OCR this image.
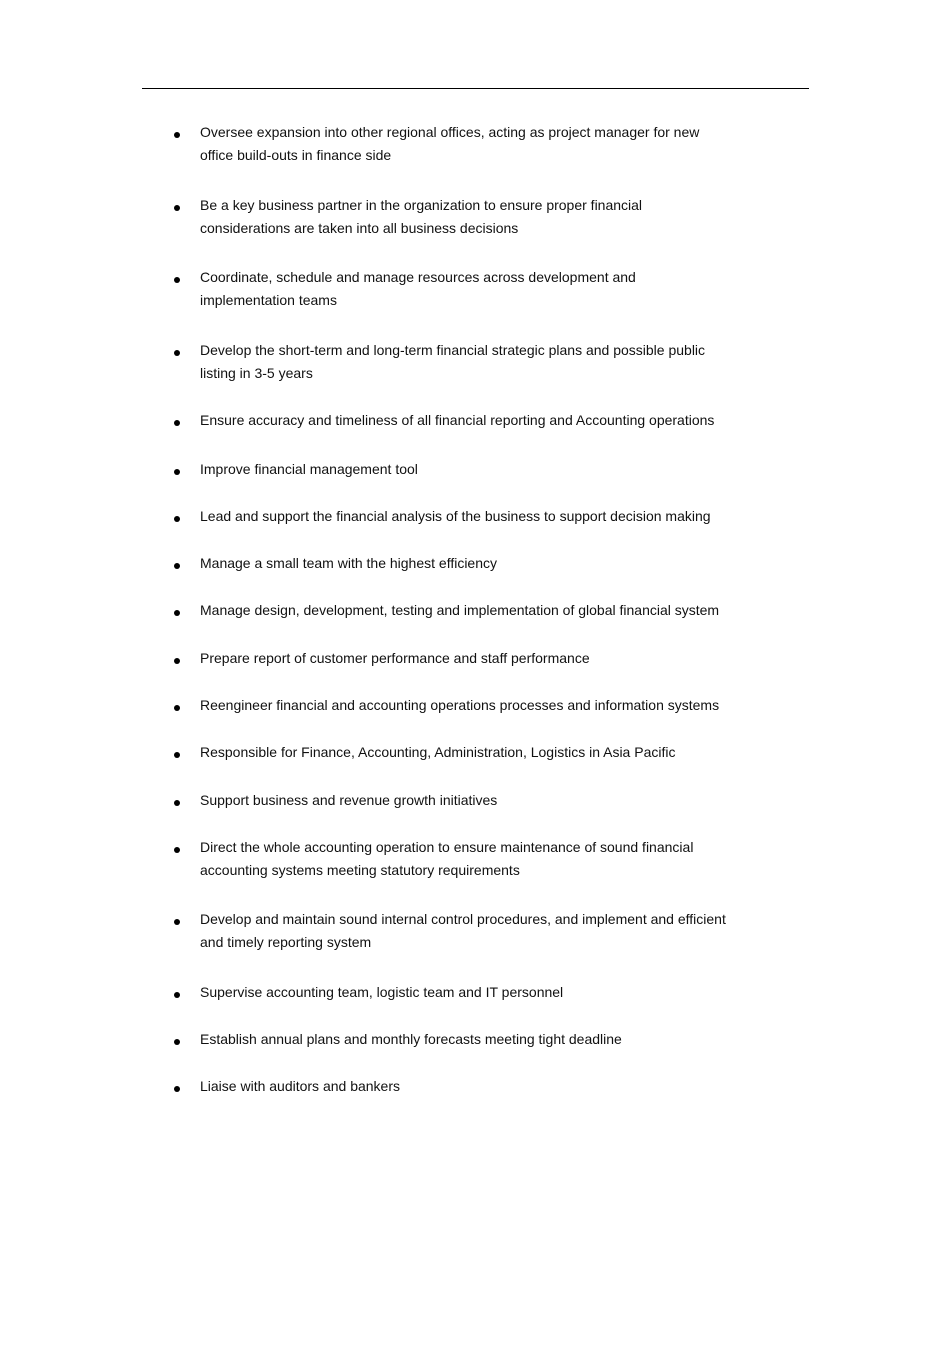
Oversee expansion into other regional offices, acting as project manager for new office build-outs in finance side
Be a key business partner in the organization to ensure proper financial considerations are taken into all business decisions
Coordinate, schedule and manage resources across development and implementation teams
Develop the short-term and long-term financial strategic plans and possible public listing in 3-5 years
Ensure accuracy and timeliness of all financial reporting and Accounting operations
Improve financial management tool
Lead and support the financial analysis of the business to support decision making
Manage a small team with the highest efficiency
Manage design, development, testing and implementation of global financial system
Prepare report of customer performance and staff performance
Reengineer financial and accounting operations processes and information systems
Responsible for Finance, Accounting, Administration, Logistics in Asia Pacific
Support business and revenue growth initiatives
Direct the whole accounting operation to ensure maintenance of sound financial accounting systems meeting statutory requirements
Develop and maintain sound internal control procedures, and implement and efficient and timely reporting system
Supervise accounting team, logistic team and IT personnel
Establish annual plans and monthly forecasts meeting tight deadline
Liaise with auditors and bankers
